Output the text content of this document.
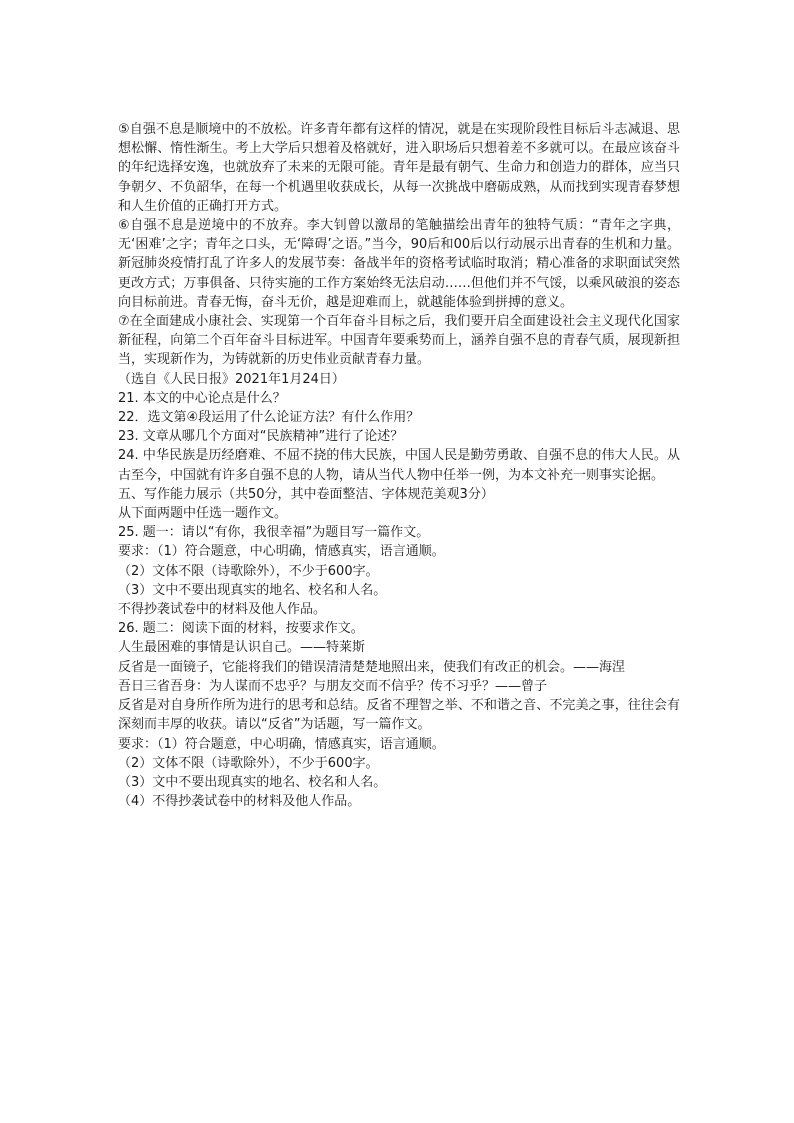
⑤自强不息是顺境中的不放松。许多青年都有这样的情况，就是在实现阶段性目标后斗志减退、思想松懈、惰性渐生。考上大学后只想着及格就好，进入职场后只想着差不多就可以。在最应该奋斗的年纪选择安逸，也就放弃了未来的无限可能。青年是最有朝气、生命力和创造力的群体，应当只争朝夕、不负韶华，在每一个机遇里收获成长，从每一次挑战中磨砺成熟，从而找到实现青春梦想和人生价值的正确打开方式。

⑥自强不息是逆境中的不放弃。李大钊曾以激昂的笔触描绘出青年的独特气质：“青年之字典，无‘困难’之字；青年之口头，无‘障碍’之语。”当今，90后和00后以行动展示出青春的生机和力量。新冠肺炎疫情打乱了许多人的发展节奏：备战半年的资格考试临时取消；精心准备的求职面试突然更改方式；万事俱备、只待实施的工作方案始终无法启动……但他们并不气馁，以乘风破浪的姿态向目标前进。青春无悔，奋斗无价，越是迎难而上，就越能体验到拼搏的意义。

⑦在全面建成小康社会、实现第一个百年奋斗目标之后，我们要开启全面建设社会主义现代化国家新征程，向第二个百年奋斗目标进军。中国青年要乘势而上，涵养自强不息的青春气质，展现新担当，实现新作为，为铸就新的历史伟业贡献青春力量。

（选自《人民日报》2021年1月24日）

21. 本文的中心论点是什么？

22．选文第④段运用了什么论证方法？有什么作用？

23. 文章从哪几个方面对“民族精神”进行了论述？

24. 中华民族是历经磨难、不屈不挠的伟大民族，中国人民是勤劳勇敢、自强不息的伟大人民。从古至今，中国就有许多自强不息的人物，请从当代人物中任举一例，为本文补充一则事实论据。

五、写作能力展示（共50分，其中卷面整洁、字体规范美观3分）

从下面两题中任选一题作文。

25. 题一：请以“有你，我很幸福”为题目写一篇作文。

要求：（1）符合题意，中心明确，情感真实，语言通顺。

（2）文体不限（诗歌除外），不少于600字。

（3）文中不要出现真实的地名、校名和人名。

不得抄袭试卷中的材料及他人作品。

26. 题二：阅读下面的材料，按要求作文。

人生最困难的事情是认识自己。——特莱斯

反省是一面镜子，它能将我们的错误清清楚楚地照出来，使我们有改正的机会。——海涅

吾日三省吾身：为人谋而不忠乎？与朋友交而不信乎？传不习乎？——曾子

反省是对自身所作所为进行的思考和总结。反省不理智之举、不和谐之音、不完美之事，往往会有深刻而丰厚的收获。请以“反省”为话题，写一篇作文。

要求：（1）符合题意，中心明确，情感真实，语言通顺。

（2）文体不限（诗歌除外），不少于600字。

（3）文中不要出现真实的地名、校名和人名。

（4）不得抄袭试卷中的材料及他人作品。
